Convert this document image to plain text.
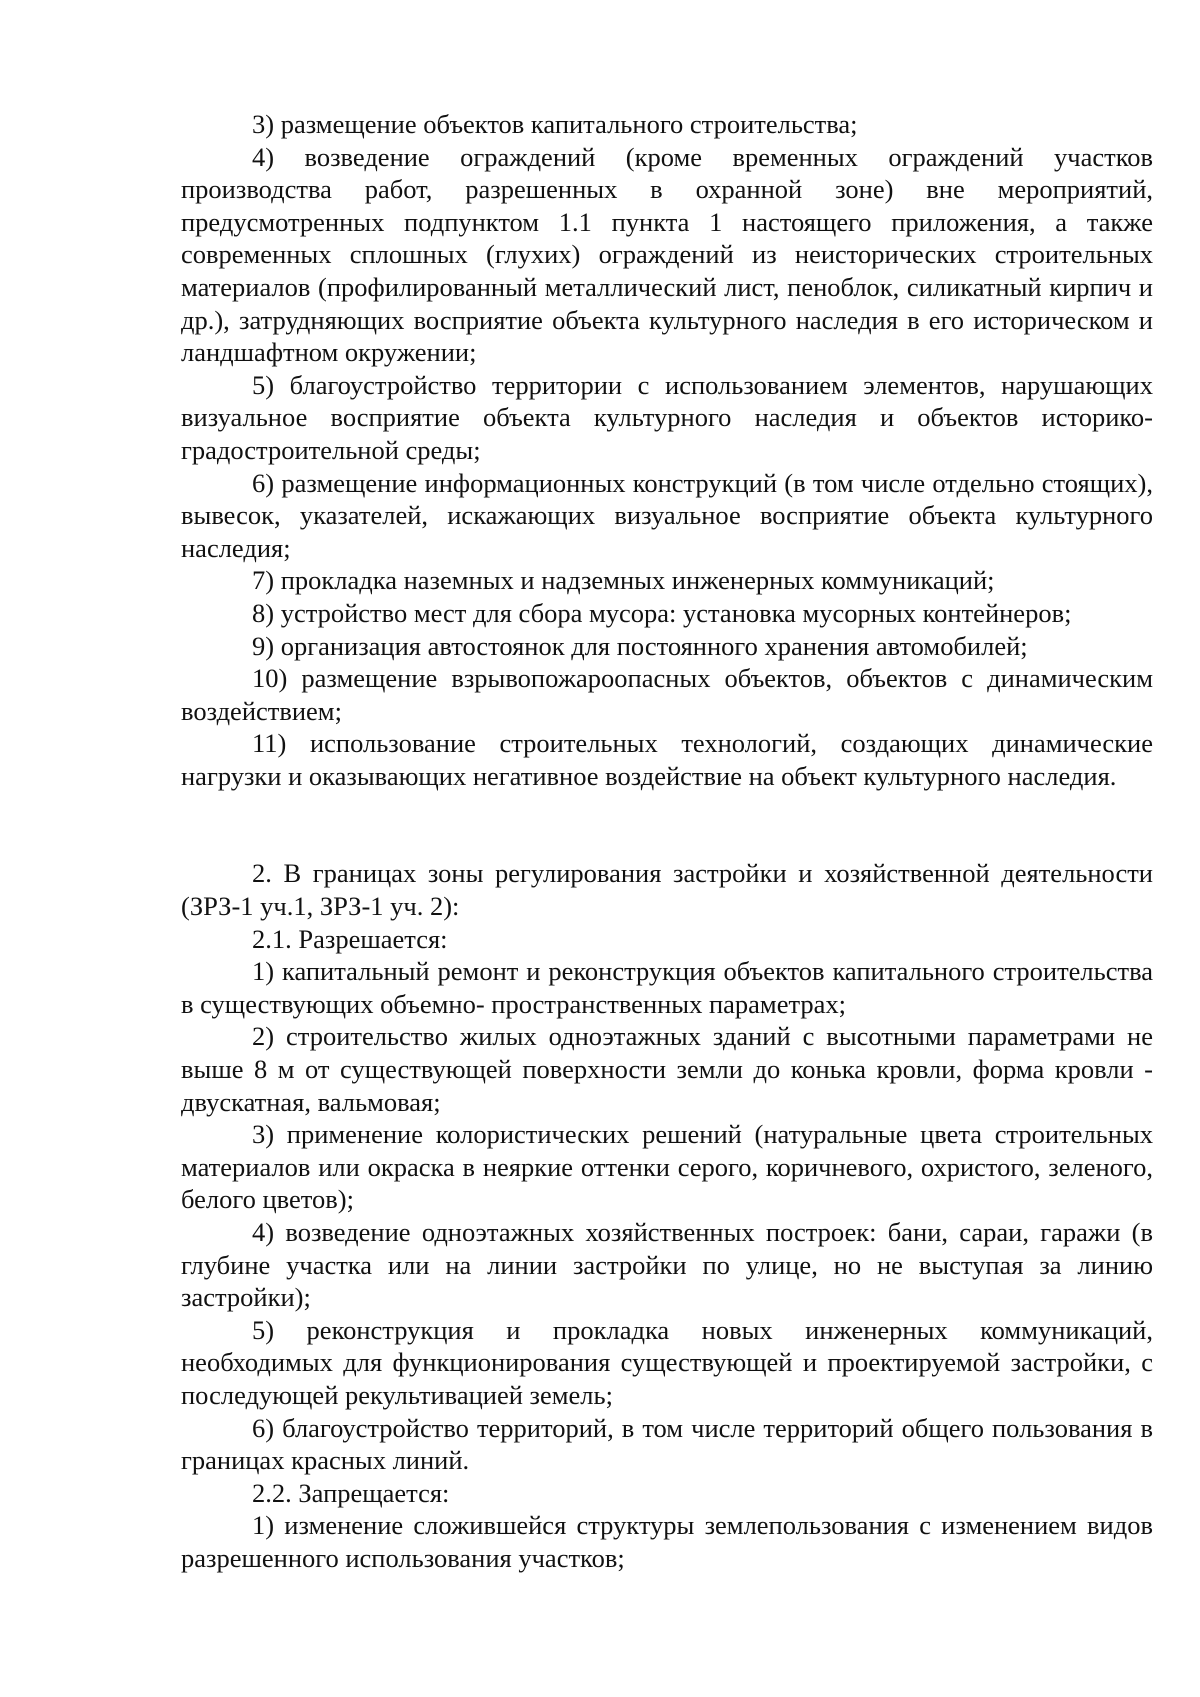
3) размещение объектов капитального строительства;

4) возведение ограждений (кроме временных ограждений участков производства работ, разрешенных в охранной зоне) вне мероприятий, предусмотренных подпунктом 1.1 пункта 1 настоящего приложения, а также современных сплошных (глухих) ограждений из неисторических строительных материалов (профилированный металлический лист, пеноблок, силикатный кирпич и др.), затрудняющих восприятие объекта культурного наследия в его историческом и ландшафтном окружении;

5) благоустройство территории с использованием элементов, нарушающих визуальное восприятие объекта культурного наследия и объектов историко-градостроительной среды;

6) размещение информационных конструкций (в том числе отдельно стоящих), вывесок, указателей, искажающих визуальное восприятие объекта культурного наследия;

7) прокладка наземных и надземных инженерных коммуникаций;

8) устройство мест для сбора мусора: установка мусорных контейнеров;

9) организация автостоянок для постоянного хранения автомобилей;

10) размещение взрывопожароопасных объектов, объектов с динамическим воздействием;

11) использование строительных технологий, создающих динамические нагрузки и оказывающих негативное воздействие на объект культурного наследия.

2. В границах зоны регулирования застройки и хозяйственной деятельности (ЗРЗ-1 уч.1, ЗРЗ-1 уч. 2):

2.1. Разрешается:

1) капитальный ремонт и реконструкция объектов капитального строительства в существующих объемно- пространственных параметрах;

2) строительство жилых одноэтажных зданий с высотными параметрами не выше 8 м от существующей поверхности земли до конька кровли, форма кровли - двускатная, вальмовая;

3) применение колористических решений (натуральные цвета строительных материалов или окраска в неяркие оттенки серого, коричневого, охристого, зеленого, белого цветов);

4) возведение одноэтажных хозяйственных построек: бани, сараи, гаражи (в глубине участка или на линии застройки по улице, но не выступая за линию застройки);

5) реконструкция и прокладка новых инженерных коммуникаций, необходимых для функционирования существующей и проектируемой застройки, с последующей рекультивацией земель;

6) благоустройство территорий, в том числе территорий общего пользования в границах красных линий.

2.2. Запрещается:

1) изменение сложившейся структуры землепользования с изменением видов разрешенного использования участков;
